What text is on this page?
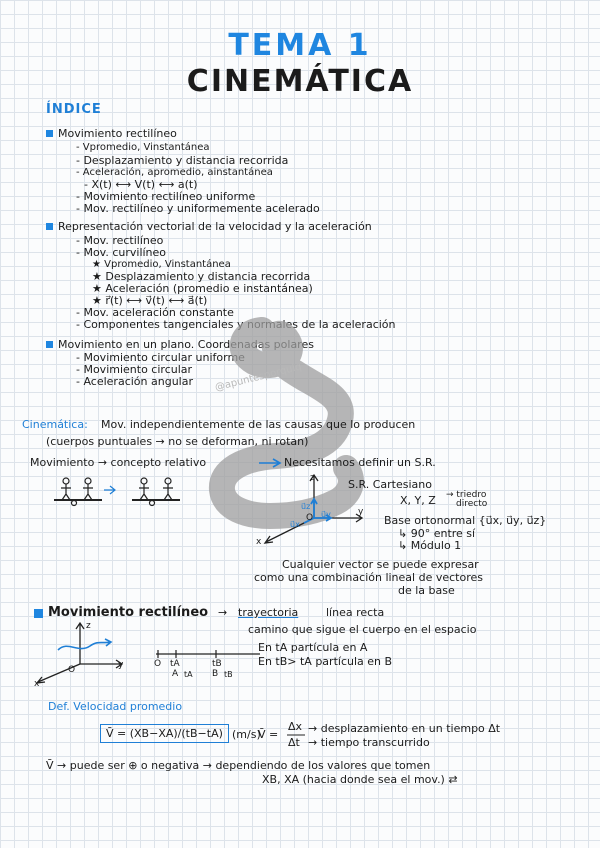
TEMA 1
CINEMÁTICA
ÍNDICE
Movimiento rectilíneo
- Vpromedio, Vinstantánea
- Desplazamiento y distancia recorrida
- Aceleración, apromedio, ainstantánea
- X(t) ⟷ V(t) ⟷ a(t)
- Movimiento rectilíneo uniforme
- Mov. rectilíneo y uniformemente acelerado
Representación vectorial de la velocidad y la aceleración
- Mov. rectilíneo
- Mov. curvilíneo
★ Vpromedio, Vinstantánea
★ Desplazamiento y distancia recorrida
★ Aceleración (promedio e instantánea)
★ r⃗(t) ⟷ v⃗(t) ⟷ a⃗(t)
- Mov. aceleración constante
- Componentes tangenciales y normales de la aceleración
Movimiento en un plano. Coordenadas polares
- Movimiento circular uniforme
- Movimiento circular
- Aceleración angular @apuntesporquiq
Cinemática: Mov. independientemente de las causas que lo producen
(cuerpos puntuales → no se deforman, ni rotan)
Movimiento → concepto relativo	Necesitamos definir un S.R.
z
y
x
O
u⃗z
u⃗y
u⃗x
S.R. Cartesiano
X, Y, Z → triedro
directo
Base ortonormal {u⃗x, u⃗y, u⃗z}
↳ 90° entre sí
↳ Módulo 1
Cualquier vector se puede expresar
como una combinación lineal de vectores
de la base
Movimiento rectilíneo → trayectoria	línea recta
camino que sigue el cuerpo en el espacio
z
y
x
O
O tA	tB
A tA B tB
En tA partícula en A
En tB> tA partícula en B
Def. Velocidad promedio
V̄ = (XB−XA)/(tB−tA) (m/s)
V̄ =
Δx
Δt
→ desplazamiento en un tiempo Δt
→ tiempo transcurrido
V̄ → puede ser ⊕ o negativa → dependiendo de los valores que tomen
XB, XA (hacia donde sea el mov.) ⇄
